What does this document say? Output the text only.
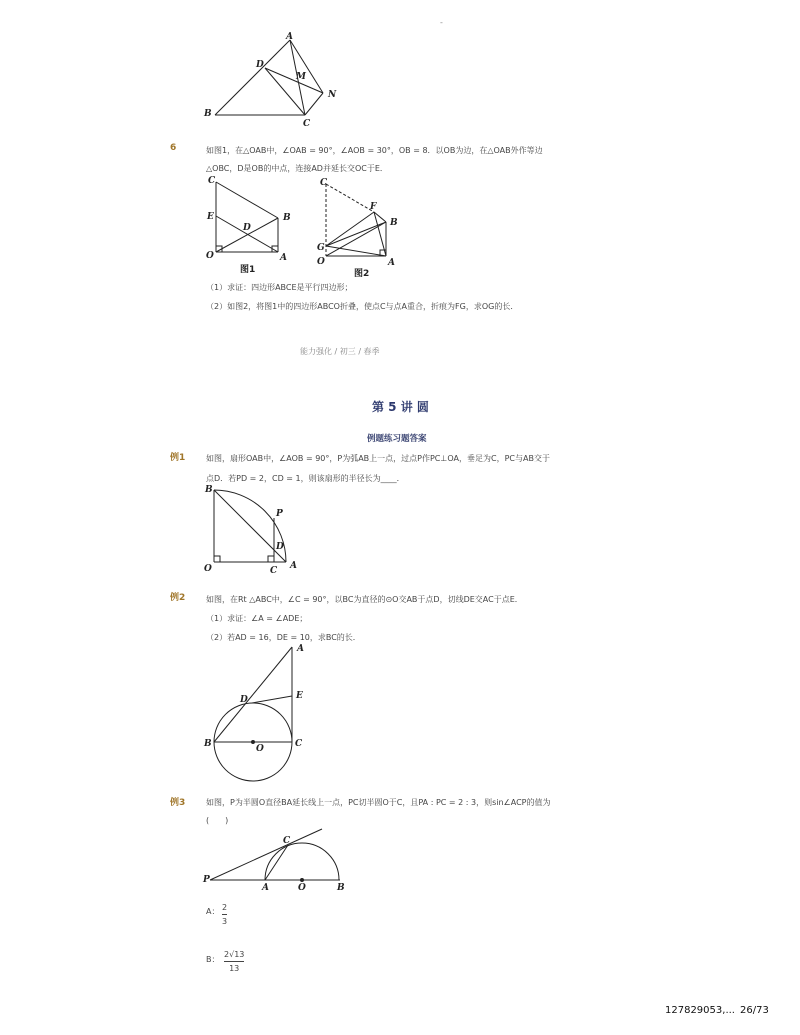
-
A
D
M
N
B
C
6	如图1，在△OAB中，∠OAB = 90°，∠AOB = 30°，OB = 8．以OB为边，在△OAB外作等边
△OBC，D是OB的中点，连接AD并延长交OC于E．
C
E	B
D
O	A
图1
C
F
B
G
O	A
图2
（1）求证：四边形ABCE是平行四边形；
（2）如图2，将图1中的四边形ABCO折叠，使点C与点A重合，折痕为FG，求OG的长．
能力强化 / 初三 / 春季
第 5 讲 圆
例题练习题答案
例1	如图，扇形OAB中，∠AOB = 90°，P为弧AB上一点，过点P作PC⊥OA，垂足为C，PC与AB交于
点D．若PD = 2，CD = 1，则该扇形的半径长为____．
B
P
D
O	C A
例2	如图，在Rt △ABC中，∠C = 90°，以BC为直径的⊙O交AB于点D，切线DE交AC于点E．
（1）求证：∠A = ∠ADE；
（2）若AD = 16，DE = 10，求BC的长．
A
D	E
B	C
O
例3	如图，P为半圆O直径BA延长线上一点，PC切半圆O于C，且PA : PC = 2 : 3，则sin∠ACP的值为
(　　)
P
C
A	O	B
A： 2
3
B：
2√13
13
127829053,... 26/73
